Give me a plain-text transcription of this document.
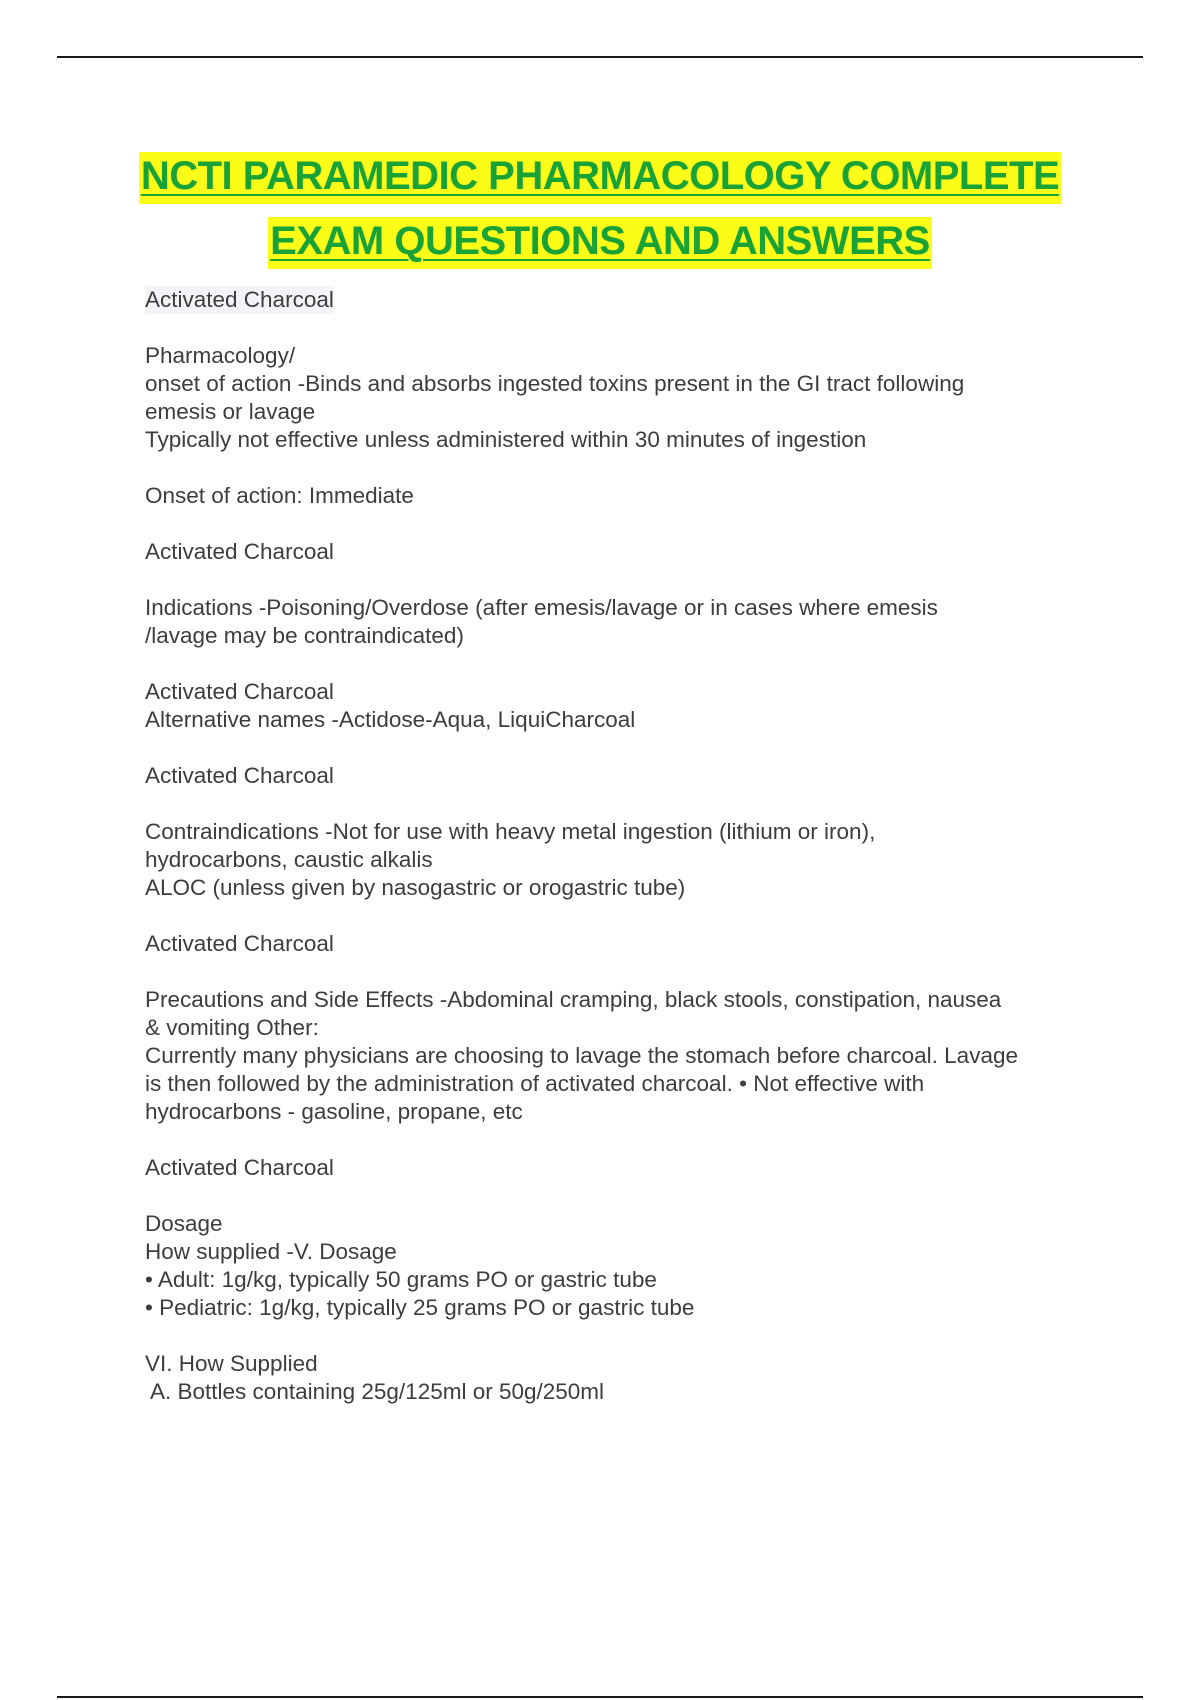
NCTI PARAMEDIC PHARMACOLOGY COMPLETE
EXAM QUESTIONS AND ANSWERS

Activated Charcoal

Pharmacology/

onset of action -Binds and absorbs ingested toxins present in the GI tract following

emesis or lavage

Typically not effective unless administered within 30 minutes of ingestion

Onset of action: Immediate

Activated Charcoal

Indications -Poisoning/Overdose (after emesis/lavage or in cases where emesis

/lavage may be contraindicated)

Activated Charcoal

Alternative names -Actidose-Aqua, LiquiCharcoal

Activated Charcoal

Contraindications -Not for use with heavy metal ingestion (lithium or iron),

hydrocarbons, caustic alkalis

ALOC (unless given by nasogastric or orogastric tube)

Activated Charcoal

Precautions and Side Effects -Abdominal cramping, black stools, constipation, nausea

& vomiting Other:

Currently many physicians are choosing to lavage the stomach before charcoal. Lavage

is then followed by the administration of activated charcoal. • Not effective with

hydrocarbons - gasoline, propane, etc

Activated Charcoal

Dosage

How supplied -V. Dosage

• Adult: 1g/kg, typically 50 grams PO or gastric tube

• Pediatric: 1g/kg, typically 25 grams PO or gastric tube

VI. How Supplied

A. Bottles containing 25g/125ml or 50g/250ml
